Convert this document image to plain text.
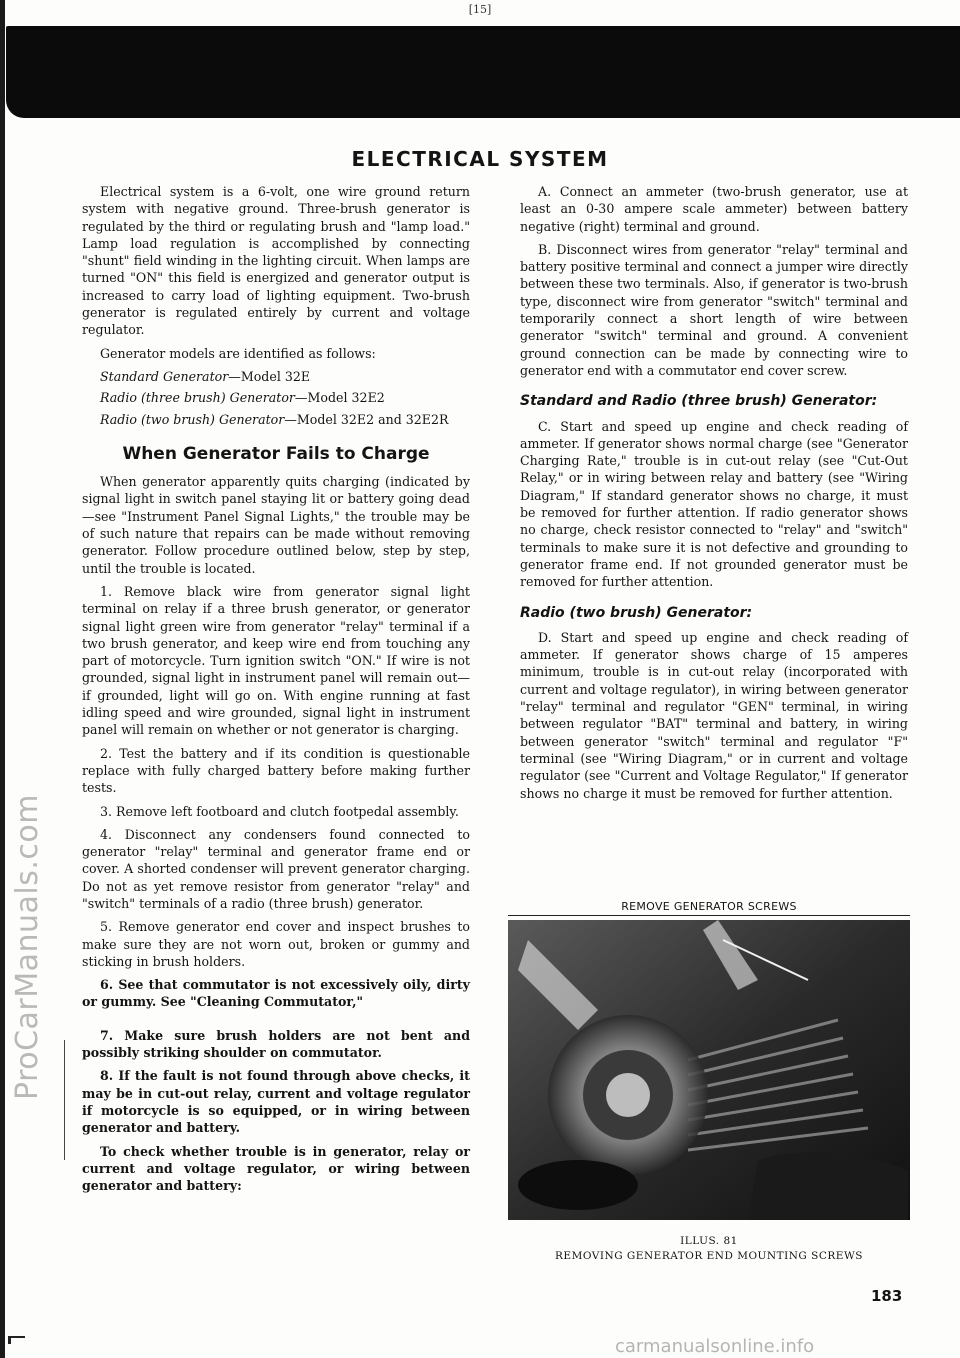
[15]
ProCarManuals.com
ELECTRICAL SYSTEM

Electrical system is a 6-volt, one wire ground return system with negative ground. Three-brush generator is regulated by the third or regulating brush and "lamp load." Lamp load regulation is accomplished by connecting "shunt" field winding in the lighting circuit. When lamps are turned "ON" this field is energized and generator output is increased to carry load of lighting equipment. Two-brush generator is regulated entirely by current and voltage regulator.

Generator models are identified as follows:

Standard Generator—Model 32E

Radio (three brush) Generator—Model 32E2

Radio (two brush) Generator—Model 32E2 and 32E2R

When Generator Fails to Charge

When generator apparently quits charging (indicated by signal light in switch panel staying lit or battery going dead—see "Instrument Panel Signal Lights," the trouble may be of such nature that repairs can be made without removing generator. Follow procedure outlined below, step by step, until the trouble is located.

1. Remove black wire from generator signal light terminal on relay if a three brush generator, or generator signal light green wire from generator "relay" terminal if a two brush generator, and keep wire end from touching any part of motorcycle. Turn ignition switch "ON." If wire is not grounded, signal light in instrument panel will remain out—if grounded, light will go on. With engine running at fast idling speed and wire grounded, signal light in instrument panel will remain on whether or not generator is charging.

2. Test the battery and if its condition is questionable replace with fully charged battery before making further tests.

3. Remove left footboard and clutch footpedal assembly.

4. Disconnect any condensers found connected to generator "relay" terminal and generator frame end or cover. A shorted condenser will prevent generator charging. Do not as yet remove resistor from generator "relay" and "switch" terminals of a radio (three brush) generator.

5. Remove generator end cover and inspect brushes to make sure they are not worn out, broken or gummy and sticking in brush holders.

6. See that commutator is not excessively oily, dirty or gummy. See "Cleaning Commutator,"

7. Make sure brush holders are not bent and possibly striking shoulder on commutator.

8. If the fault is not found through above checks, it may be in cut-out relay, current and voltage regulator if motorcycle is so equipped, or in wiring between generator and battery.

To check whether trouble is in generator, relay or current and voltage regulator, or wiring between generator and battery:

A. Connect an ammeter (two-brush generator, use at least an 0-30 ampere scale ammeter) between battery negative (right) terminal and ground.

B. Disconnect wires from generator "relay" terminal and battery positive terminal and connect a jumper wire directly between these two terminals. Also, if generator is two-brush type, disconnect wire from generator "switch" terminal and temporarily connect a short length of wire between generator "switch" terminal and ground. A convenient ground connection can be made by connecting wire to generator end with a commutator end cover screw.

Standard and Radio (three brush) Generator:

C. Start and speed up engine and check reading of ammeter. If generator shows normal charge (see "Generator Charging Rate," trouble is in cut-out relay (see "Cut-Out Relay," or in wiring between relay and battery (see "Wiring Diagram," If standard generator shows no charge, it must be removed for further attention. If radio generator shows no charge, check resistor connected to "relay" and "switch" terminals to make sure it is not defective and grounding to generator frame end. If not grounded generator must be removed for further attention.

Radio (two brush) Generator:

D. Start and speed up engine and check reading of ammeter. If generator shows charge of 15 amperes minimum, trouble is in cut-out relay (incorporated with current and voltage regulator), in wiring between generator "relay" terminal and regulator "GEN" terminal, in wiring between regulator "BAT" terminal and battery, in wiring between generator "switch" terminal and regulator "F" terminal (see "Wiring Diagram," or in current and voltage regulator (see "Current and Voltage Regulator," If generator shows no charge it must be removed for further attention.

REMOVE GENERATOR SCREWS
ILLUS. 81
REMOVING GENERATOR END MOUNTING SCREWS
183
carmanualsonline.info
